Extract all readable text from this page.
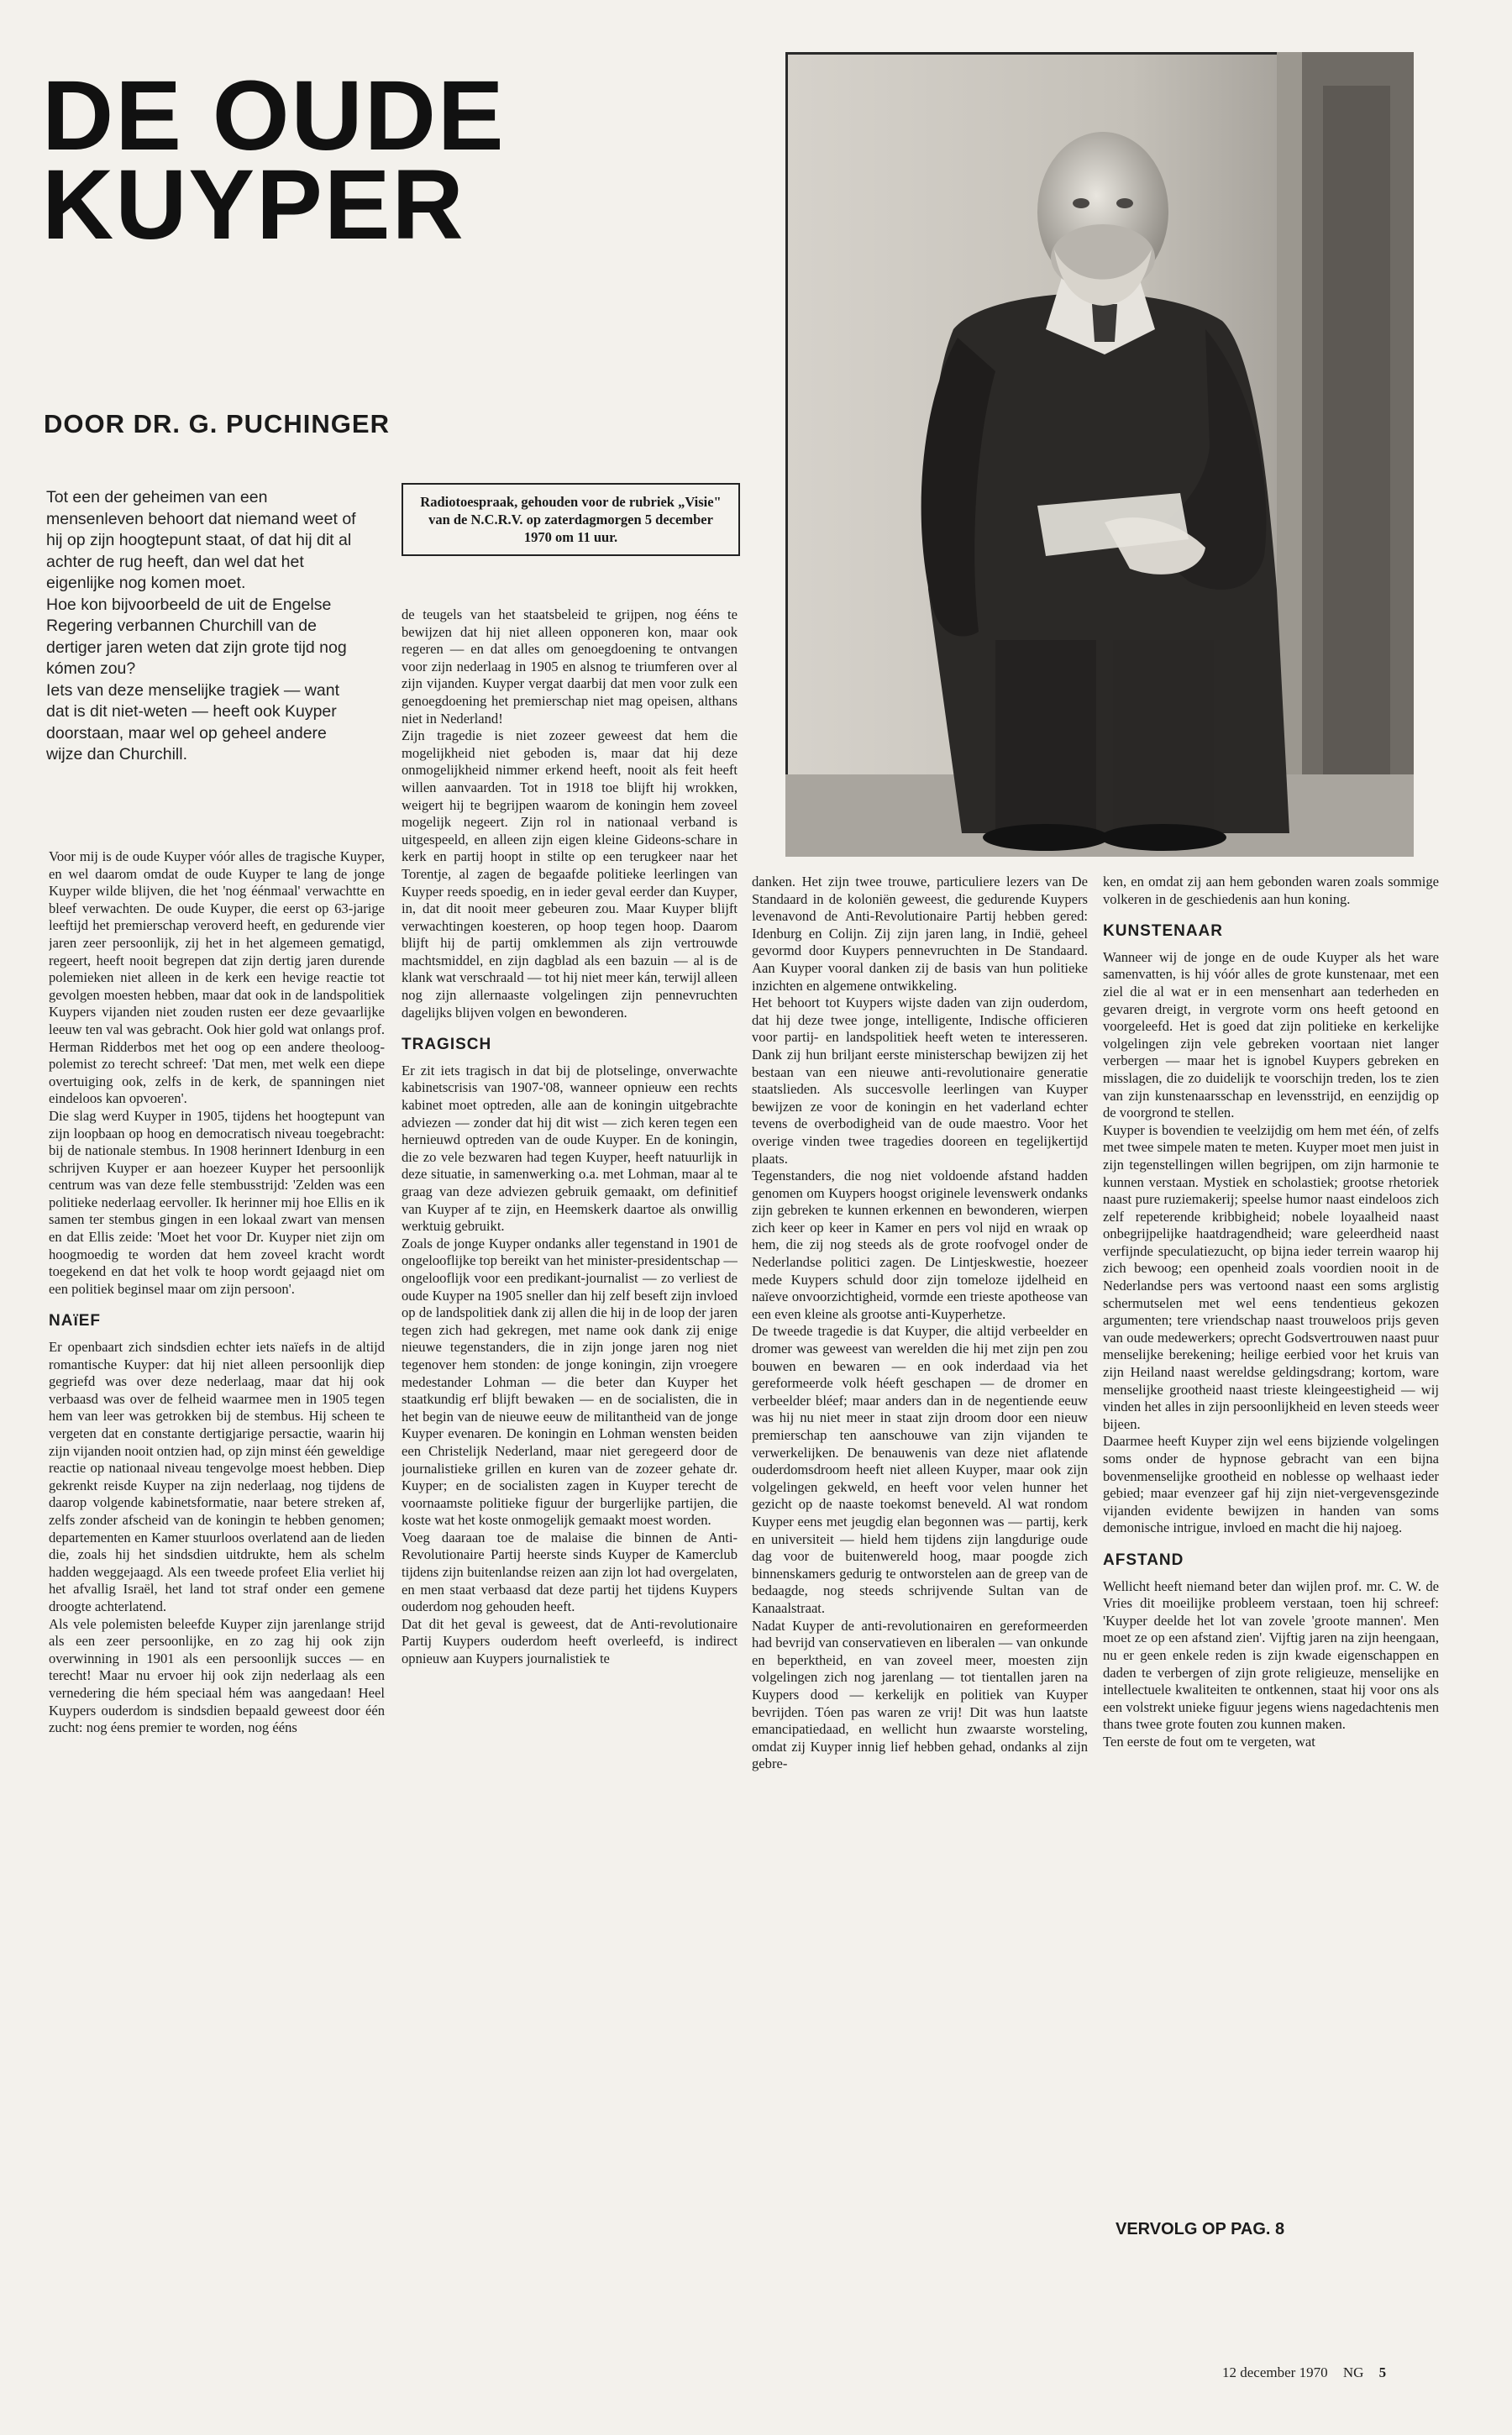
DE OUDE KUYPER
DOOR DR. G. PUCHINGER

Tot een der geheimen van een mensenleven behoort dat niemand weet of hij op zijn hoogtepunt staat, of dat hij dit al achter de rug heeft, dan wel dat het eigenlijke nog komen moet.

Hoe kon bijvoorbeeld de uit de Engelse Regering verbannen Churchill van de dertiger jaren weten dat zijn grote tijd nog kómen zou?

Iets van deze menselijke tragiek — want dat is dit niet-weten — heeft ook Kuyper doorstaan, maar wel op geheel andere wijze dan Churchill.

Radiotoespraak, gehouden voor de rubriek „Visie" van de N.C.R.V. op zaterdagmorgen 5 december 1970 om 11 uur.

Voor mij is de oude Kuyper vóór alles de tragische Kuyper, en wel daarom omdat de oude Kuyper te lang de jonge Kuyper wilde blijven, die het 'nog éénmaal' verwachtte en bleef verwachten. De oude Kuyper, die eerst op 63-jarige leeftijd het premierschap veroverd heeft, en gedurende vier jaren zeer persoonlijk, zij het in het algemeen gematigd, regeert, heeft nooit begrepen dat zijn dertig jaren durende polemieken niet alleen in de kerk een hevige reactie tot gevolgen moesten hebben, maar dat ook in de landspolitiek Kuypers vijanden niet zouden rusten eer deze gevaarlijke leeuw ten val was gebracht. Ook hier gold wat onlangs prof. Herman Ridderbos met het oog op een andere theoloog-polemist zo terecht schreef: 'Dat men, met welk een diepe overtuiging ook, zelfs in de kerk, de spanningen niet eindeloos kan opvoeren'.

Die slag werd Kuyper in 1905, tijdens het hoogtepunt van zijn loopbaan op hoog en democratisch niveau toegebracht: bij de nationale stembus. In 1908 herinnert Idenburg in een schrijven Kuyper er aan hoezeer Kuyper het persoonlijk centrum was van deze felle stembusstrijd: 'Zelden was een politieke nederlaag eervoller. Ik herinner mij hoe Ellis en ik samen ter stembus gingen in een lokaal zwart van mensen en dat Ellis zeide: 'Moet het voor Dr. Kuyper niet zijn om hoogmoedig te worden dat hem zoveel kracht wordt toegekend en dat het volk te hoop wordt gejaagd niet om een politiek beginsel maar om zijn persoon'.

NAïEF

Er openbaart zich sindsdien echter iets naïefs in de altijd romantische Kuyper: dat hij niet alleen persoonlijk diep gegriefd was over deze nederlaag, maar dat hij ook verbaasd was over de felheid waarmee men in 1905 tegen hem van leer was getrokken bij de stembus. Hij scheen te vergeten dat en constante dertigjarige persactie, waarin hij zijn vijanden nooit ontzien had, op zijn minst één geweldige reactie op nationaal niveau tengevolge moest hebben. Diep gekrenkt reisde Kuyper na zijn nederlaag, nog tijdens de daarop volgende kabinetsformatie, naar betere streken af, zelfs zonder afscheid van de koningin te hebben genomen; departementen en Kamer stuurloos overlatend aan de lieden die, zoals hij het sindsdien uitdrukte, hem als schelm hadden weggejaagd. Als een tweede profeet Elia verliet hij het afvallig Israël, het land tot straf onder een gemene droogte achterlatend.

Als vele polemisten beleefde Kuyper zijn jarenlange strijd als een zeer persoonlijke, en zo zag hij ook zijn overwinning in 1901 als een persoonlijk succes — en terecht! Maar nu ervoer hij ook zijn nederlaag als een vernedering die hém speciaal hém was aangedaan! Heel Kuypers ouderdom is sindsdien bepaald geweest door één zucht: nog éens premier te worden, nog ééns

de teugels van het staatsbeleid te grijpen, nog ééns te bewijzen dat hij niet alleen opponeren kon, maar ook regeren — en dat alles om genoegdoening te ontvangen voor zijn nederlaag in 1905 en alsnog te triumferen over al zijn vijanden. Kuyper vergat daarbij dat men voor zulk een genoegdoening het premierschap niet mag opeisen, althans niet in Nederland!

Zijn tragedie is niet zozeer geweest dat hem die mogelijkheid niet geboden is, maar dat hij deze onmogelijkheid nimmer erkend heeft, nooit als feit heeft willen aanvaarden. Tot in 1918 toe blijft hij wrokken, weigert hij te begrijpen waarom de koningin hem zoveel mogelijk negeert. Zijn rol in nationaal verband is uitgespeeld, en alleen zijn eigen kleine Gideons-schare in kerk en partij hoopt in stilte op een terugkeer naar het Torentje, al zagen de begaafde politieke leerlingen van Kuyper reeds spoedig, en in ieder geval eerder dan Kuyper, in, dat dit nooit meer gebeuren zou. Maar Kuyper blijft verwachtingen koesteren, op hoop tegen hoop. Daarom blijft hij de partij omklemmen als zijn vertrouwde machtsmiddel, en zijn dagblad als een bazuin — al is de klank wat verschraald — tot hij niet meer kán, terwijl alleen nog zijn allernaaste volgelingen zijn pennevruchten dagelijks blijven volgen en bewonderen.

TRAGISCH

Er zit iets tragisch in dat bij de plotselinge, onverwachte kabinetscrisis van 1907-'08, wanneer opnieuw een rechts kabinet moet optreden, alle aan de koningin uitgebrachte adviezen — zonder dat hij dit wist — zich keren tegen een hernieuwd optreden van de oude Kuyper. En de koningin, die zo vele bezwaren had tegen Kuyper, heeft natuurlijk in deze situatie, in samenwerking o.a. met Lohman, maar al te graag van deze adviezen gebruik gemaakt, om definitief van Kuyper af te zijn, en Heemskerk daartoe als onwillig werktuig gebruikt.

Zoals de jonge Kuyper ondanks aller tegenstand in 1901 de ongelooflijke top bereikt van het minister-presidentschap — ongelooflijk voor een predikant-journalist — zo verliest de oude Kuyper na 1905 sneller dan hij zelf beseft zijn invloed op de landspolitiek dank zij allen die hij in de loop der jaren tegen zich had gekregen, met name ook dank zij enige nieuwe tegenstanders, die in zijn jonge jaren nog niet tegenover hem stonden: de jonge koningin, zijn vroegere medestander Lohman — die beter dan Kuyper het staatkundig erf blijft bewaken — en de socialisten, die in het begin van de nieuwe eeuw de militantheid van de jonge Kuyper evenaren. De koningin en Lohman wensten beiden een Christelijk Nederland, maar niet geregeerd door de journalistieke grillen en kuren van de zozeer gehate dr. Kuyper; en de socialisten zagen in Kuyper terecht de voornaamste politieke figuur der burgerlijke partijen, die koste wat het koste onmogelijk gemaakt moest worden.

Voeg daaraan toe de malaise die binnen de Anti-Revolutionaire Partij heerste sinds Kuyper de Kamerclub tijdens zijn buitenlandse reizen aan zijn lot had overgelaten, en men staat verbaasd dat deze partij het tijdens Kuypers ouderdom nog gehouden heeft.

Dat dit het geval is geweest, dat de Anti-revolutionaire Partij Kuypers ouderdom heeft overleefd, is indirect opnieuw aan Kuypers journalistiek te

danken. Het zijn twee trouwe, particuliere lezers van De Standaard in de koloniën geweest, die gedurende Kuypers levenavond de Anti-Revolutionaire Partij hebben gered: Idenburg en Colijn. Zij zijn jaren lang, in Indië, geheel gevormd door Kuypers pennevruchten in De Standaard. Aan Kuyper vooral danken zij de basis van hun politieke inzichten en algemene ontwikkeling.

Het behoort tot Kuypers wijste daden van zijn ouderdom, dat hij deze twee jonge, intelligente, Indische officieren voor partij- en landspolitiek heeft weten te interesseren. Dank zij hun briljant eerste ministerschap bewijzen zij het bestaan van een nieuwe anti-revolutionaire generatie staatslieden. Als succesvolle leerlingen van Kuyper bewijzen ze voor de koningin en het vaderland echter tevens de overbodigheid van de oude maestro. Voor het overige vinden twee tragedies dooreen en tegelijkertijd plaats.

Tegenstanders, die nog niet voldoende afstand hadden genomen om Kuypers hoogst originele levenswerk ondanks zijn gebreken te kunnen erkennen en bewonderen, wierpen zich keer op keer in Kamer en pers vol nijd en wraak op hem, die zij nog steeds als de grote roofvogel onder de Nederlandse politici zagen. De Lintjeskwestie, hoezeer mede Kuypers schuld door zijn tomeloze ijdelheid en naïeve onvoorzichtigheid, vormde een trieste apotheose van een even kleine als grootse anti-Kuyperhetze.

De tweede tragedie is dat Kuyper, die altijd verbeelder en dromer was geweest van werelden die hij met zijn pen zou bouwen en bewaren — en ook inderdaad via het gereformeerde volk héeft geschapen — de dromer en verbeelder bléef; maar anders dan in de negentiende eeuw was hij nu niet meer in staat zijn droom door een nieuw premierschap ten aanschouwe van zijn vijanden te verwerkelijken. De benauwenis van deze niet aflatende ouderdomsdroom heeft niet alleen Kuyper, maar ook zijn volgelingen gekweld, en heeft voor velen hunner het gezicht op de naaste toekomst beneveld. Al wat rondom Kuyper eens met jeugdig elan begonnen was — partij, kerk en universiteit — hield hem tijdens zijn langdurige oude dag voor de buitenwereld hoog, maar poogde zich binnenskamers gedurig te ontworstelen aan de greep van de bedaagde, nog steeds schrijvende Sultan van de Kanaalstraat.

Nadat Kuyper de anti-revolutionairen en gereformeerden had bevrijd van conservatieven en liberalen — van onkunde en beperktheid, en van zoveel meer, moesten zijn volgelingen zich nog jarenlang — tot tientallen jaren na Kuypers dood — kerkelijk en politiek van Kuyper bevrijden. Tóen pas waren ze vrij! Dit was hun laatste emancipatiedaad, en wellicht hun zwaarste worsteling, omdat zij Kuyper innig lief hebben gehad, ondanks al zijn gebre-

ken, en omdat zij aan hem gebonden waren zoals sommige volkeren in de geschiedenis aan hun koning.

KUNSTENAAR

Wanneer wij de jonge en de oude Kuyper als het ware samenvatten, is hij vóór alles de grote kunstenaar, met een ziel die al wat er in een mensenhart aan tederheden en gevaren dreigt, in vergrote vorm ons heeft getoond en voorgeleefd. Het is goed dat zijn politieke en kerkelijke volgelingen zijn vele gebreken voortaan niet langer verbergen — maar het is ignobel Kuypers gebreken en misslagen, die zo duidelijk te voorschijn treden, los te zien van zijn kunstenaarsschap en levensstrijd, en eenzijdig op de voorgrond te stellen.

Kuyper is bovendien te veelzijdig om hem met één, of zelfs met twee simpele maten te meten. Kuyper moet men juist in zijn tegenstellingen willen begrijpen, om zijn harmonie te kunnen verstaan. Mystiek en scholastiek; grootse rhetoriek naast pure ruziemakerij; speelse humor naast eindeloos zich zelf repeterende kribbigheid; nobele loyaalheid naast onbegrijpelijke haatdragendheid; ware geleerdheid naast verfijnde speculatiezucht, op bijna ieder terrein waarop hij zich bewoog; een openheid zoals voordien nooit in de Nederlandse pers was vertoond naast een soms arglistig schermutselen met wel eens tendentieus gekozen argumenten; tere vriendschap naast trouweloos prijs geven van oude medewerkers; oprecht Godsvertrouwen naast puur menselijke berekening; heilige eerbied voor het kruis van zijn Heiland naast wereldse geldingsdrang; kortom, ware menselijke grootheid naast trieste kleingeestigheid — wij vinden het alles in zijn persoonlijkheid en leven steeds weer bijeen.

Daarmee heeft Kuyper zijn wel eens bijziende volgelingen soms onder de hypnose gebracht van een bijna bovenmenselijke grootheid en noblesse op welhaast ieder gebied; maar evenzeer gaf hij zijn niet-vergevensgezinde vijanden evidente bewijzen in handen van soms demonische intrigue, invloed en macht die hij najoeg.

AFSTAND

Wellicht heeft niemand beter dan wijlen prof. mr. C. W. de Vries dit moeilijke probleem verstaan, toen hij schreef: 'Kuyper deelde het lot van zovele 'groote mannen'. Men moet ze op een afstand zien'. Vijftig jaren na zijn heengaan, nu er geen enkele reden is zijn kwade eigenschappen en daden te verbergen of zijn grote religieuze, menselijke en intellectuele kwaliteiten te ontkennen, staat hij voor ons als een volstrekt unieke figuur jegens wiens nagedachtenis men thans twee grote fouten zou kunnen maken.

Ten eerste de fout om te vergeten, wat

VERVOLG OP PAG. 8

12 december 1970 NG 5
